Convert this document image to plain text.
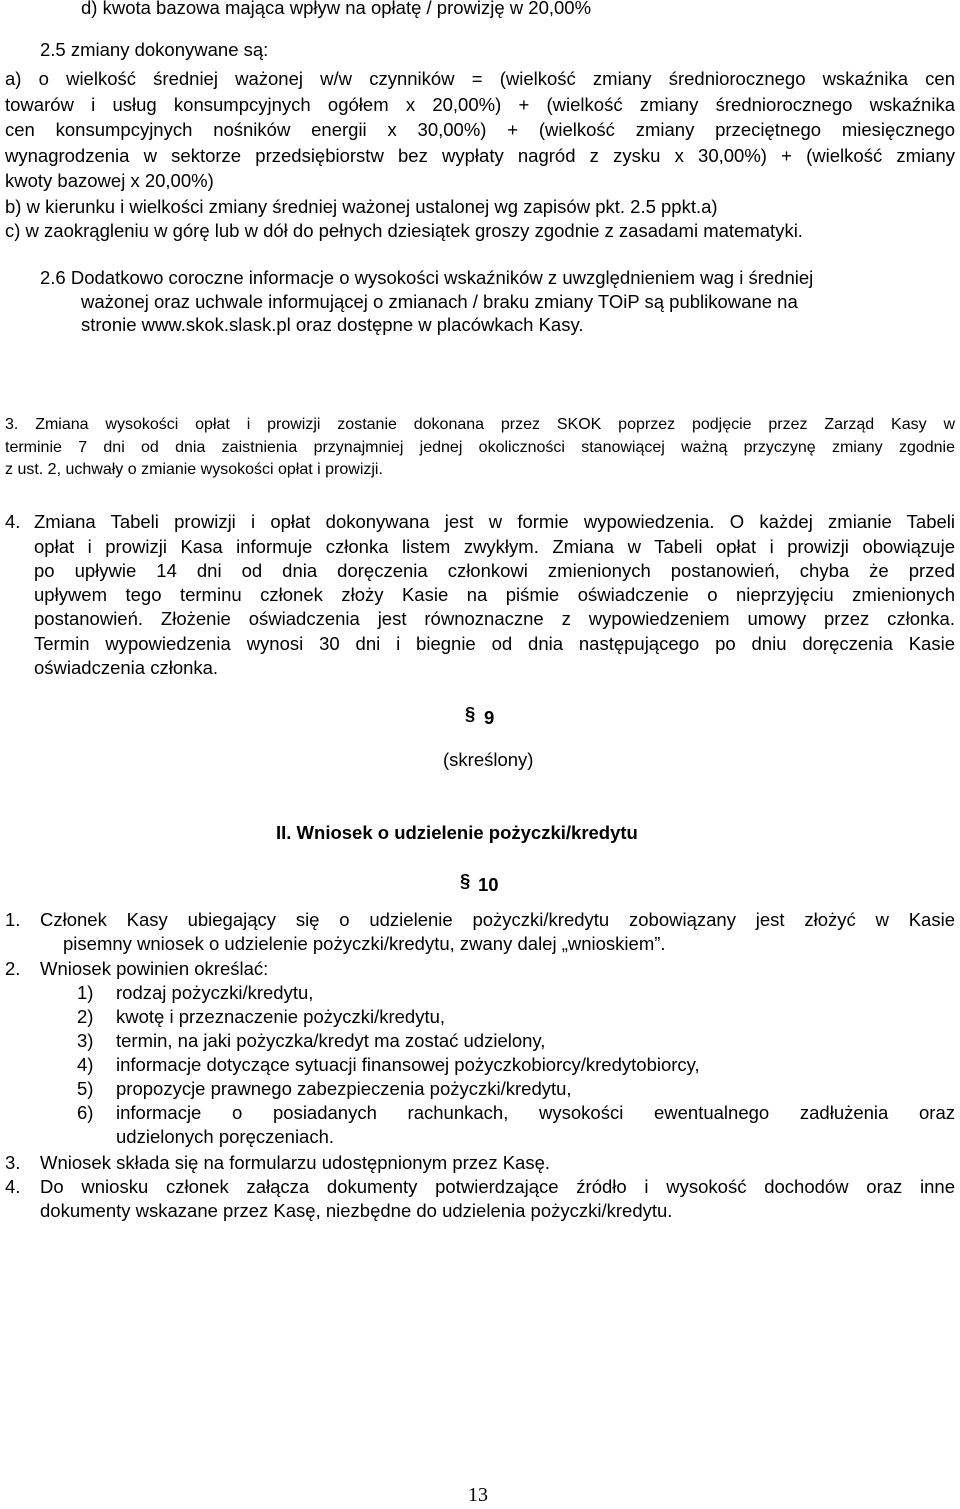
d) kwota bazowa mająca wpływ na opłatę / prowizję w 20,00%
2.5 zmiany dokonywane są:
a) o wielkość średniej ważonej w/w czynników = (wielkość zmiany średniorocznego wskaźnika cen
towarów i usług konsumpcyjnych ogółem x 20,00%) + (wielkość zmiany średniorocznego wskaźnika
cen konsumpcyjnych nośników energii x 30,00%) + (wielkość zmiany przeciętnego miesięcznego
wynagrodzenia w sektorze przedsiębiorstw bez wypłaty nagród z zysku x 30,00%) + (wielkość zmiany
kwoty bazowej x 20,00%)
b) w kierunku i wielkości zmiany średniej ważonej ustalonej wg zapisów pkt. 2.5 ppkt.a)
c) w zaokrągleniu w górę lub w dół do pełnych dziesiątek groszy zgodnie z zasadami matematyki.
2.6 Dodatkowo coroczne informacje o wysokości wskaźników z uwzględnieniem wag i średniej
ważonej oraz uchwale informującej o zmianach / braku zmiany TOiP są publikowane na
stronie www.skok.slask.pl oraz dostępne w placówkach Kasy.
3. Zmiana wysokości opłat i prowizji zostanie dokonana przez SKOK poprzez podjęcie przez Zarząd Kasy w
terminie 7 dni od dnia zaistnienia przynajmniej jednej okoliczności stanowiącej ważną przyczynę zmiany zgodnie
z ust. 2, uchwały o zmianie wysokości opłat i prowizji.
4. Zmiana Tabeli prowizji i opłat dokonywana jest w formie wypowiedzenia. O każdej zmianie Tabeli
opłat i prowizji Kasa informuje członka listem zwykłym. Zmiana w Tabeli opłat i prowizji obowiązuje
po upływie 14 dni od dnia doręczenia członkowi zmienionych postanowień, chyba że przed
upływem tego terminu członek złoży Kasie na piśmie oświadczenie o nieprzyjęciu zmienionych
postanowień. Złożenie oświadczenia jest równoznaczne z wypowiedzeniem umowy przez członka.
Termin wypowiedzenia wynosi 30 dni i biegnie od dnia następującego po dniu doręczenia Kasie
oświadczenia członka.
§ 9
(skreślony)
II. Wniosek o udzielenie pożyczki/kredytu
§ 10
1. Członek Kasy ubiegający się o udzielenie pożyczki/kredytu zobowiązany jest złożyć w Kasie
pisemny wniosek o udzielenie pożyczki/kredytu, zwany dalej „wnioskiem”.
2. Wniosek powinien określać:
1) rodzaj pożyczki/kredytu,
2) kwotę i przeznaczenie pożyczki/kredytu,
3) termin, na jaki pożyczka/kredyt ma zostać udzielony,
4) informacje dotyczące sytuacji finansowej pożyczkobiorcy/kredytobiorcy,
5) propozycje prawnego zabezpieczenia pożyczki/kredytu,
6) informacje o posiadanych rachunkach, wysokości ewentualnego zadłużenia oraz
udzielonych poręczeniach.
3. Wniosek składa się na formularzu udostępnionym przez Kasę.
4. Do wniosku członek załącza dokumenty potwierdzające źródło i wysokość dochodów oraz inne
dokumenty wskazane przez Kasę, niezbędne do udzielenia pożyczki/kredytu.
13
